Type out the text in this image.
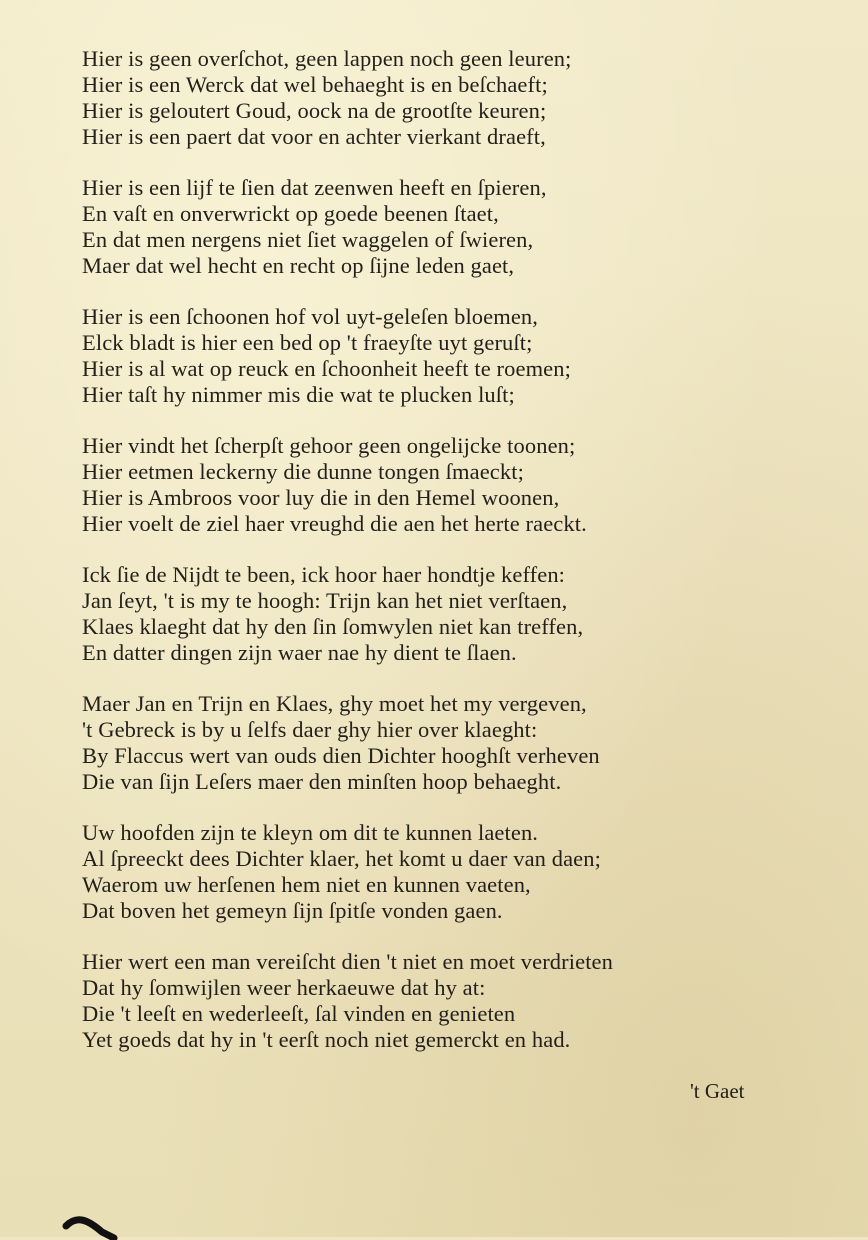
Hier is geen overſchot, geen lappen noch geen leuren;
Hier is een Werck dat wel behaeght is en beſchaeft;
Hier is geloutert Goud, oock na de grootſte keuren;
Hier is een paert dat voor en achter vierkant draeft,
Hier is een lijf te ſien dat zeenwen heeft en ſpieren,
En vaſt en onverwrickt op goede beenen ſtaet,
En dat men nergens niet ſiet waggelen of ſwieren,
Maer dat wel hecht en recht op ſijne leden gaet,
Hier is een ſchoonen hof vol uyt-geleſen bloemen,
Elck bladt is hier een bed op 't fraeyſte uyt geruſt;
Hier is al wat op reuck en ſchoonheit heeft te roemen;
Hier taſt hy nimmer mis die wat te plucken luſt;
Hier vindt het ſcherpſt gehoor geen ongelijcke toonen;
Hier eetmen leckerny die dunne tongen ſmaeckt;
Hier is Ambroos voor luy die in den Hemel woonen,
Hier voelt de ziel haer vreughd die aen het herte raeckt.
Ick ſie de Nijdt te been, ick hoor haer hondtje keffen:
Jan ſeyt, 't is my te hoogh: Trijn kan het niet verſtaen,
Klaes klaeght dat hy den ſin ſomwylen niet kan treffen,
En datter dingen zijn waer nae hy dient te ſlaen.
Maer Jan en Trijn en Klaes, ghy moet het my vergeven,
't Gebreck is by u ſelfs daer ghy hier over klaeght:
By Flaccus wert van ouds dien Dichter hooghſt verheven
Die van ſijn Leſers maer den minſten hoop behaeght.
Uw hoofden zijn te kleyn om dit te kunnen laeten.
Al ſpreeckt dees Dichter klaer, het komt u daer van daen;
Waerom uw herſenen hem niet en kunnen vaeten,
Dat boven het gemeyn ſijn ſpitſe vonden gaen.
Hier wert een man vereiſcht dien 't niet en moet verdrieten
Dat hy ſomwijlen weer herkaeuwe dat hy at:
Die 't leeſt en wederleeſt, ſal vinden en genieten
Yet goeds dat hy in 't eerſt noch niet gemerckt en had.
't Gaet
